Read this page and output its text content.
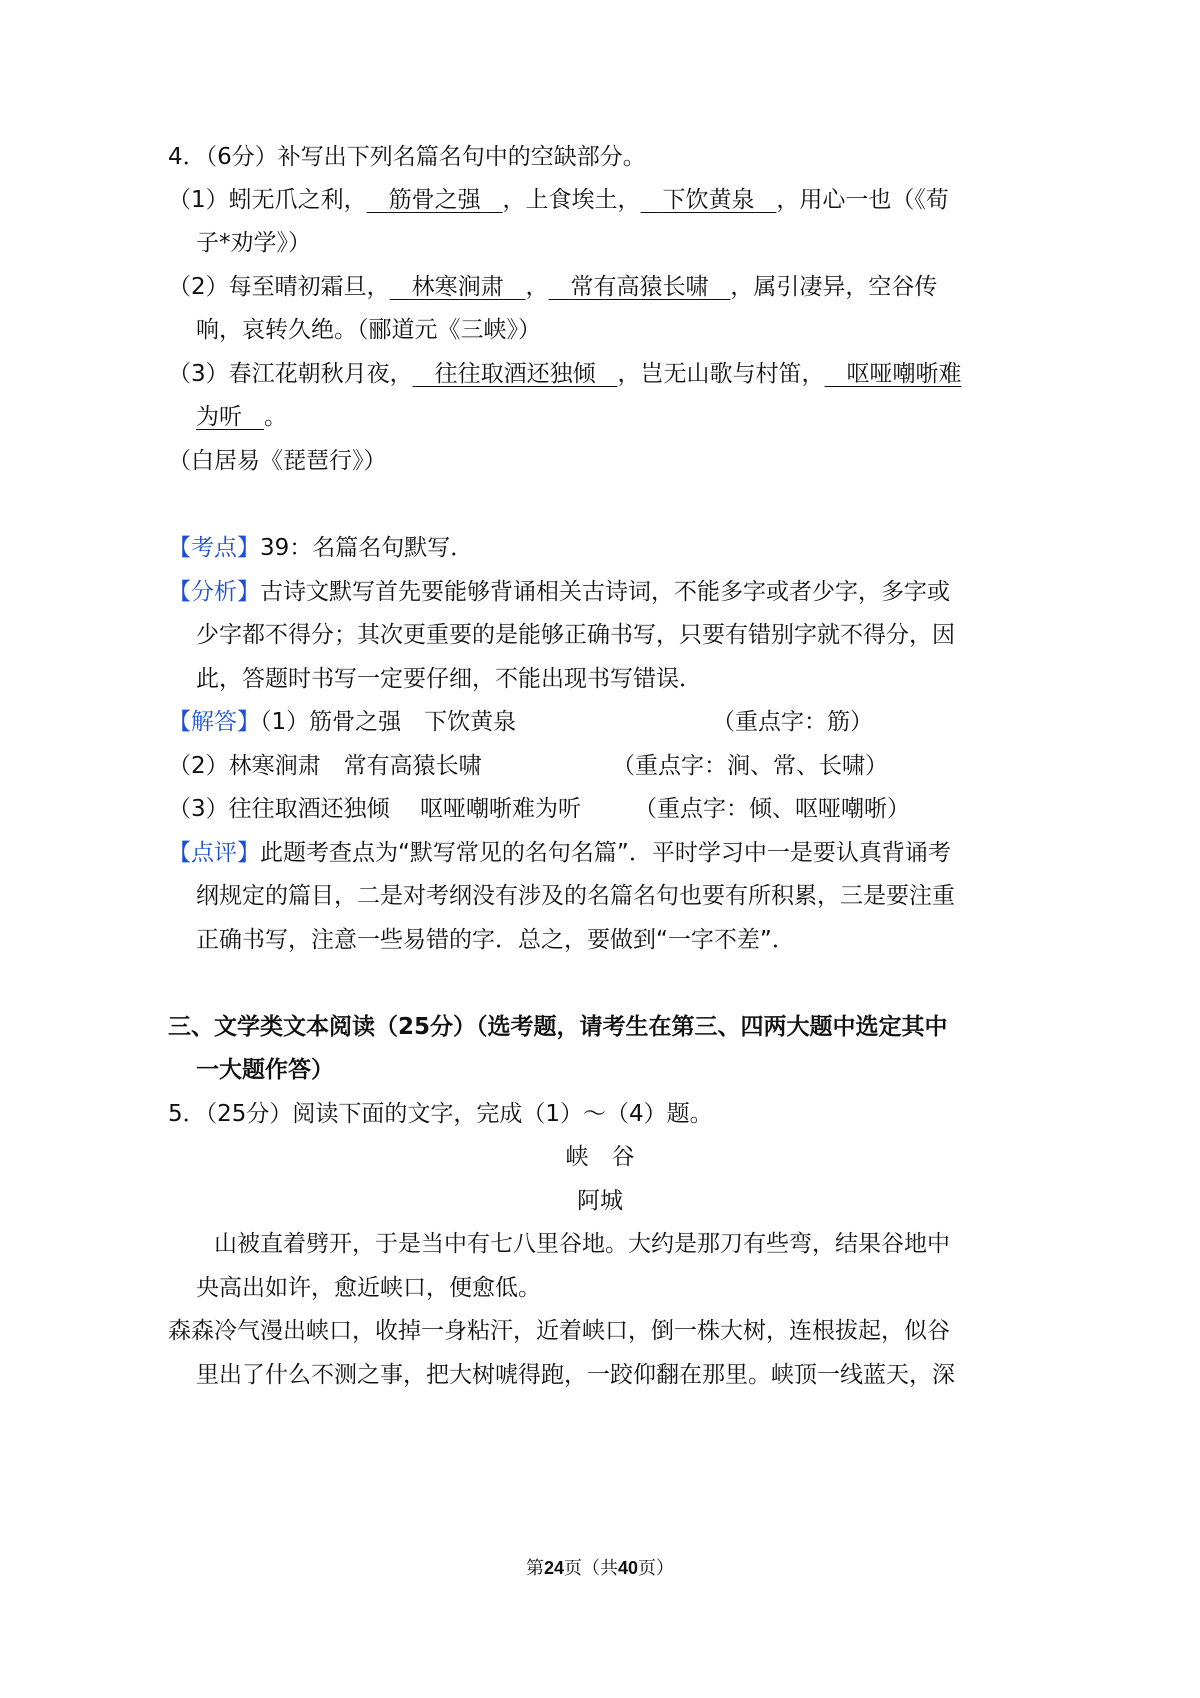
4．（6分）补写出下列名篇名句中的空缺部分。
（1）蚓无爪之利， 筋骨之强 ，上食埃土， 下饮黄泉 ，用心一也（《荀
子*劝学》）
（2）每至晴初霜旦， 林寒涧肃 ， 常有高猿长啸 ，属引凄异，空谷传
响，哀转久绝。（郦道元《三峡》）
（3）春江花朝秋月夜， 往往取酒还独倾 ，岂无山歌与村笛， 呕哑嘲哳难
为听 。
（白居易《琵琶行》）
【考点】39：名篇名句默写．
【分析】古诗文默写首先要能够背诵相关古诗词，不能多字或者少字，多字或
少字都不得分；其次更重要的是能够正确书写，只要有错别字就不得分，因
此，答题时书写一定要仔细，不能出现书写错误．
【解答】（1）筋骨之强　下饮黄泉	（重点字：筋）
（2）林寒涧肃　常有高猿长啸	（重点字：涧、常、长啸）
（3）往往取酒还独倾　 呕哑嘲哳难为听 （重点字：倾、呕哑嘲哳）
【点评】此题考查点为“默写常见的名句名篇”．平时学习中一是要认真背诵考
纲规定的篇目，二是对考纲没有涉及的名篇名句也要有所积累，三是要注重
正确书写，注意一些易错的字．总之，要做到“一字不差”．
三、文学类文本阅读（25分）（选考题，请考生在第三、四两大题中选定其中
一大题作答）
5．（25分）阅读下面的文字，完成（1）～（4）题。
峡　谷
阿城
山被直着劈开，于是当中有七八里谷地。大约是那刀有些弯，结果谷地中
央高出如许，愈近峡口，便愈低。
森森冷气漫出峡口，收掉一身粘汗，近着峡口，倒一株大树，连根拔起，似谷
里出了什么不测之事，把大树唬得跑，一跤仰翻在那里。峡顶一线蓝天，深
第24页（共40页）
